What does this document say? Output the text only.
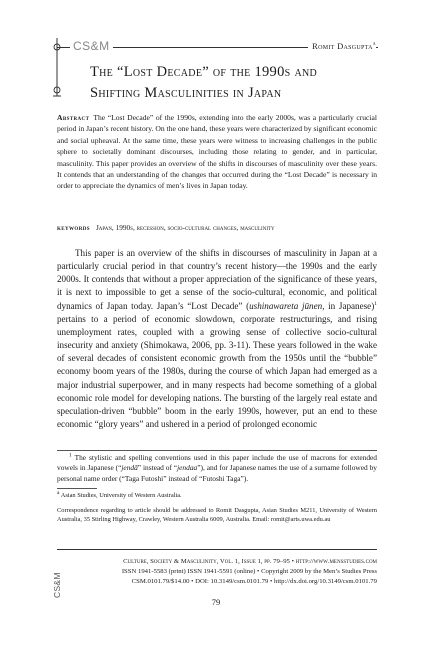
CS&M	Romit Dasgupta$^a$
The “Lost Decade” of the 1990s and
Shifting Masculinities in Japan
Abstract The “Lost Decade” of the 1990s, extending into the early 2000s, was a particularly crucial period in Japan’s recent history. On the one hand, these years were characterized by significant economic and social upheaval. At the same time, these years were witness to increasing challenges in the public sphere to societally dominant discourses, including those relating to gender, and in particular, masculinity. This paper provides an overview of the shifts in discourses of masculinity over these years. It contends that an understanding of the changes that occurred during the “Lost Decade” is necessary in order to appreciate the dynamics of men’s lives in Japan today.
keywords Japan, 1990s, recession, socio-cultural changes, masculinity

This paper is an overview of the shifts in discourses of masculinity in Japan at a particularly crucial period in that country’s recent history—the 1990s and the early 2000s. It contends that without a proper appreciation of the significance of these years, it is next to impossible to get a sense of the socio-cultural, economic, and political dynamics of Japan today. Japan’s “Lost Decade” (ushinawareta jūnen, in Japanese)$^1$ pertains to a period of economic slowdown, corporate restructurings, and rising unemployment rates, coupled with a growing sense of collective socio-cultural insecurity and anxiety (Shimokawa, 2006, pp. 3-11). These years followed in the wake of several decades of consistent economic growth from the 1950s until the “bubble” economy boom years of the 1980s, during the course of which Japan had emerged as a major industrial superpower, and in many respects had become something of a global economic role model for developing nations. The bursting of the largely real estate and speculation-driven “bubble” boom in the early 1990s, however, put an end to these economic “glory years” and ushered in a period of prolonged economic

$^1$ The stylistic and spelling conventions used in this paper include the use of macrons for extended vowels in Japanese (“jendā” instead of “jendaa”), and for Japanese names the use of a surname followed by personal name order (“Taga Futoshi” instead of “Futoshi Taga”).

$^a$ Asian Studies, University of Western Australia.
Correspondence regarding to article should be addressed to Romit Dasgupta, Asian Studies M211, University of Western Australia, 35 Stirling Highway, Crawley, Western Australia 6009, Australia. Email: romit@arts.uwa.edu.au
CS&M
Culture, Society & Masculinity, Vol. 1, Issue 1, pp. 79–95 • http://www.mensstudies.com
ISSN 1941-5583 (print) ISSN 1941-5591 (online) • Copyright 2009 by the Men’s Studies Press
CSM.0101.79/$14.00 • DOI: 10.3149/csm.0101.79 • http://dx.doi.org/10.3149/csm.0101.79
79
